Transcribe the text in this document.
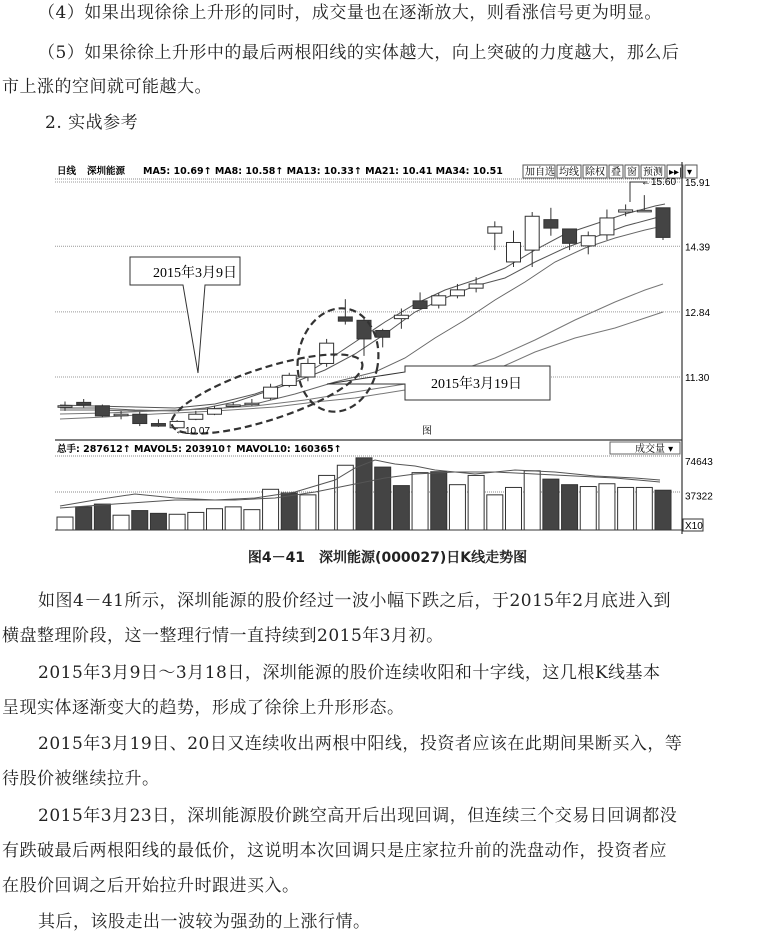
（4）如果出现徐徐上升形的同时，成交量也在逐渐放大，则看涨信号更为明显。
（5）如果徐徐上升形中的最后两根阳线的实体越大，向上突破的力度越大，那么后
市上涨的空间就可能越大。
2. 实战参考
日线 深圳能源 MA5: 10.69↑ MA8: 10.58↑ MA13: 10.33↑ MA21: 10.41 MA34: 10.51 加自选 均线 除权 叠 窗 预测 ▸▸| ▾
15.91
14.39
12.84
11.30
2015年3月9日
2015年3月19日
←10.07
←15.60
图
总手: 287612↑ MAVOL5: 203910↑ MAVOL10: 160365↑	成交量 ▾
74643
37322
X10
图4－41　深圳能源(000027)日K线走势图
如图4－41所示，深圳能源的股价经过一波小幅下跌之后，于2015年2月底进入到
横盘整理阶段，这一整理行情一直持续到2015年3月初。
2015年3月9日～3月18日，深圳能源的股价连续收阳和十字线，这几根K线基本
呈现实体逐渐变大的趋势，形成了徐徐上升形形态。
2015年3月19日、20日又连续收出两根中阳线，投资者应该在此期间果断买入，等
待股价被继续拉升。
2015年3月23日，深圳能源股价跳空高开后出现回调，但连续三个交易日回调都没
有跌破最后两根阳线的最低价，这说明本次回调只是庄家拉升前的洗盘动作，投资者应
在股价回调之后开始拉升时跟进买入。
其后，该股走出一波较为强劲的上涨行情。
